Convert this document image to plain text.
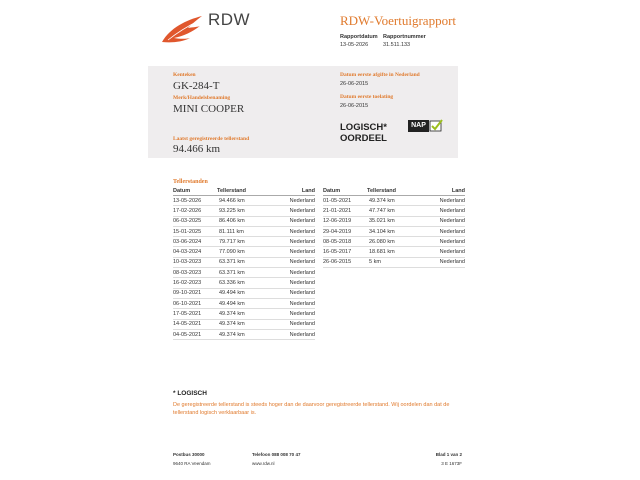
RDW	RDW-Voertuigrapport
Rapportdatum
13-05-2026
Rapportnummer
31.511.133
Kenteken
GK-284-T
Merk/Handelsbenaming
MINI COOPER
Laatst geregistreerde tellerstand
94.466 km
Datum eerste afgifte in Nederland
26-06-2015
Datum eerste toelating
26-06-2015
LOGISCH*
OORDEEL
NAP
Tellerstanden
Datum	Tellerstand	Land
13-05-2026	94.466 km	Nederland
17-02-2026	93.225 km	Nederland
06-03-2025	86.406 km	Nederland
15-01-2025	81.111 km	Nederland
03-06-2024	79.717 km	Nederland
04-03-2024	77.090 km	Nederland
10-03-2023	63.371 km	Nederland
08-03-2023	63.371 km	Nederland
16-02-2023	63.336 km	Nederland
09-10-2021	49.494 km	Nederland
06-10-2021	49.494 km	Nederland
17-05-2021	49.374 km	Nederland
14-05-2021	49.374 km	Nederland
04-05-2021	49.374 km	Nederland
Datum	Tellerstand	Land
01-05-2021	49.374 km	Nederland
21-01-2021	47.747 km	Nederland
12-06-2019	35.021 km	Nederland
29-04-2019	34.104 km	Nederland
08-05-2018	26.080 km	Nederland
16-05-2017	18.681 km	Nederland
26-06-2015	5 km	Nederland
* LOGISCH
De geregistreerde tellerstand is steeds hoger dan de daarvoor geregistreerde tellerstand. Wij oordelen dan dat de tellerstand logisch verklaarbaar is.
Postbus 30000
9640 RA Veendam
Telefoon 088 008 70 47
www.rdw.nl
Blad 1 van 2
3 E 1673F
